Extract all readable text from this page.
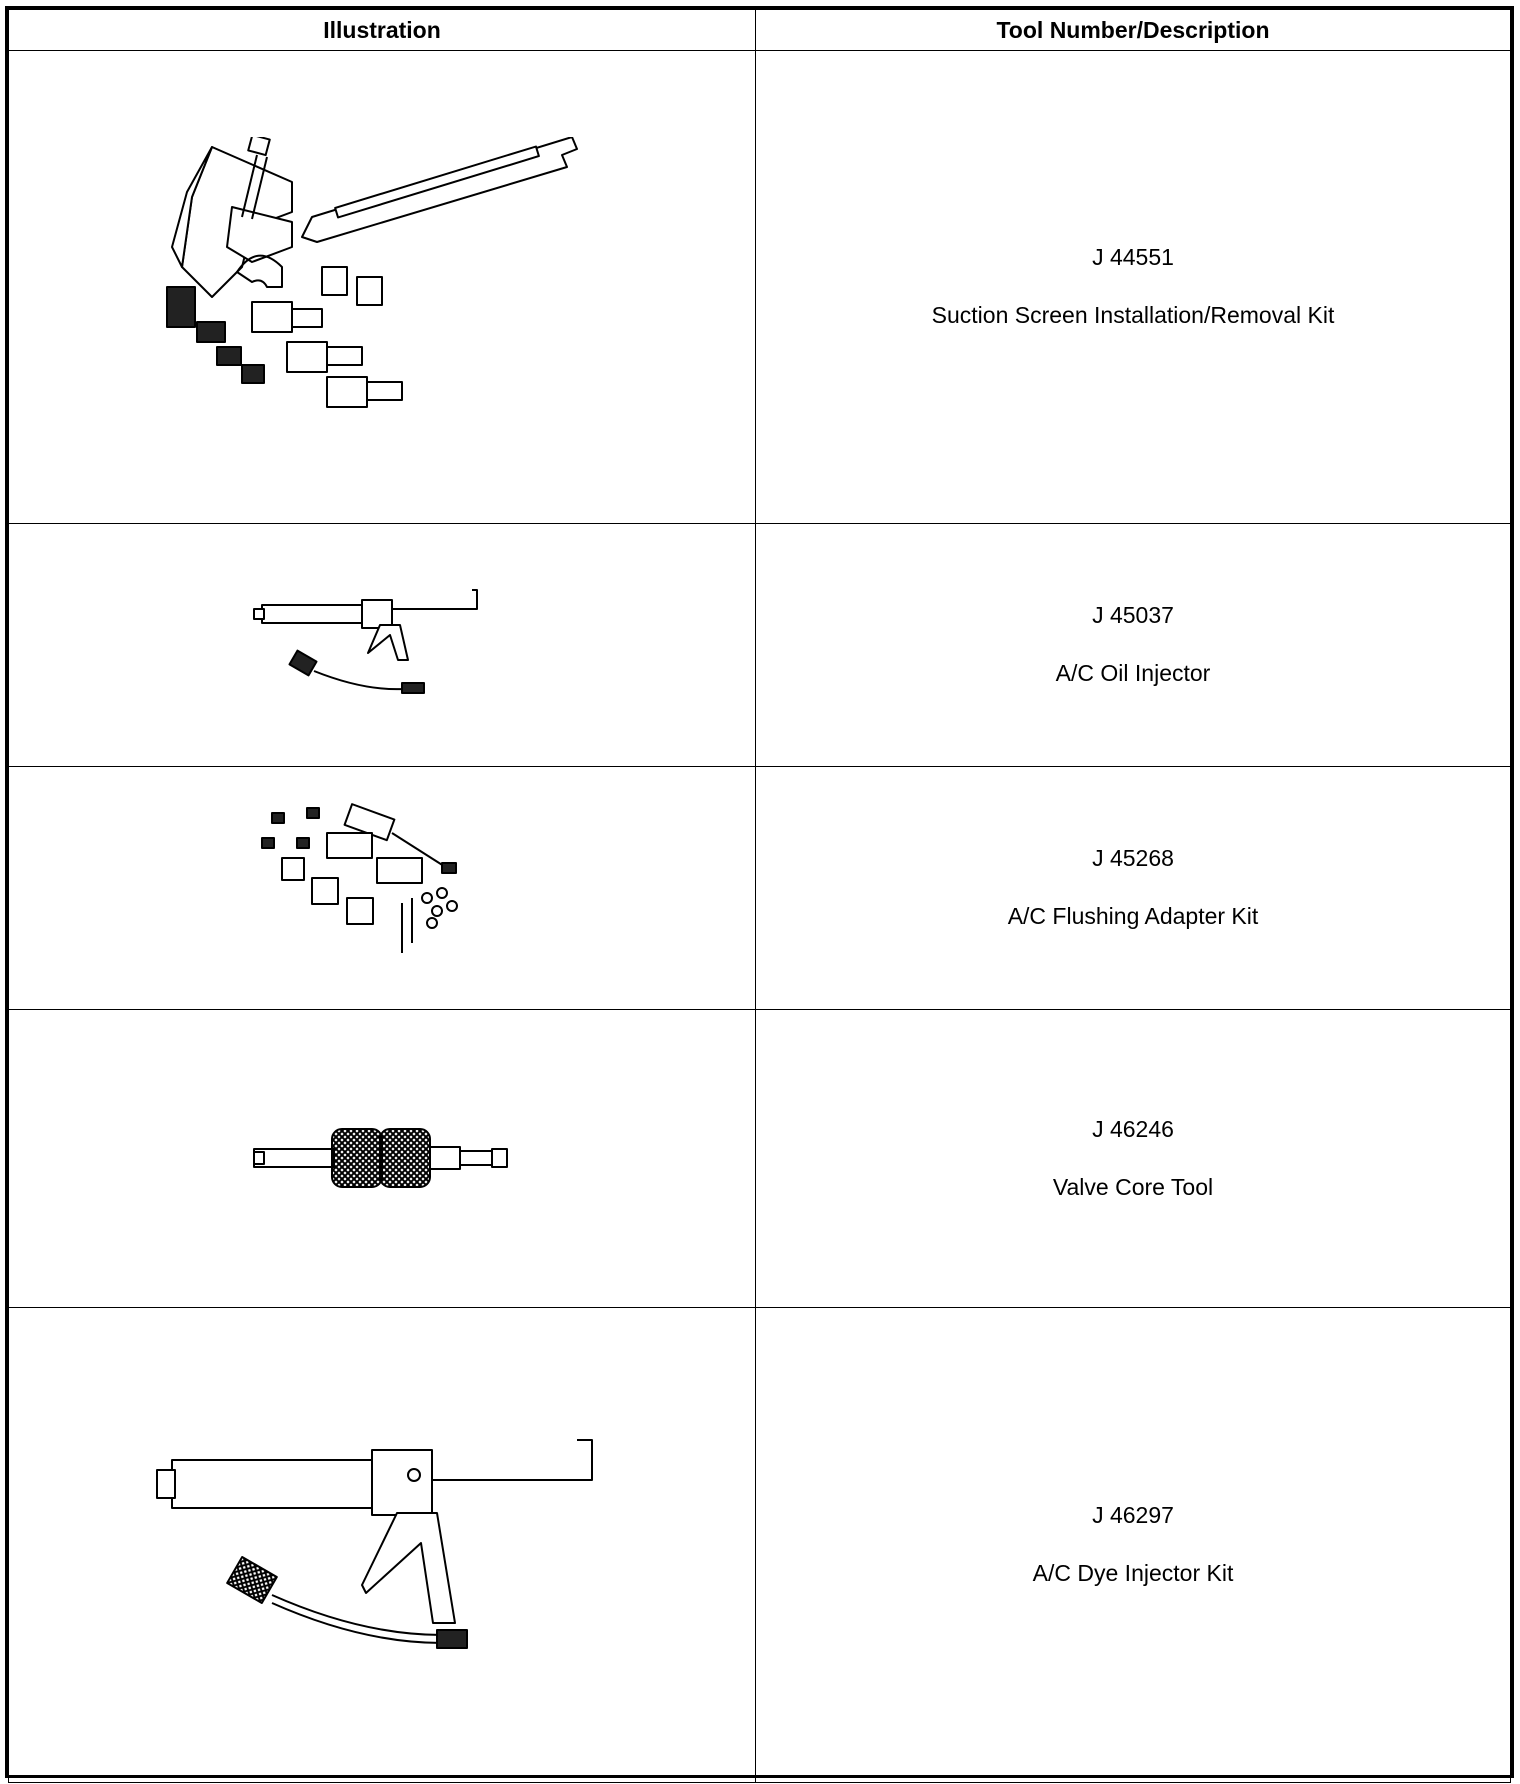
Illustration	Tool Number/Description

J 44551
Suction Screen Installation/Removal Kit

J 45037
A/C Oil Injector

J 45268
A/C Flushing Adapter Kit

J 46246
Valve Core Tool

J 46297
A/C Dye Injector Kit
